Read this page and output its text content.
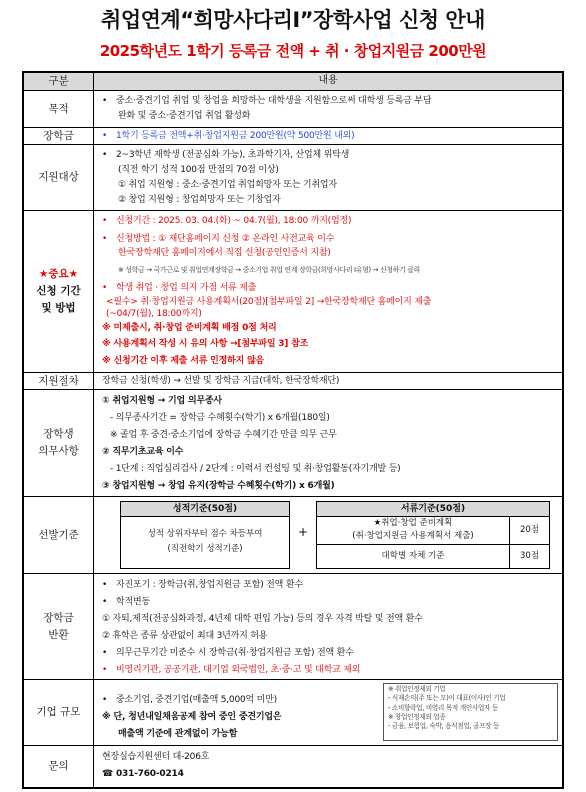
취업연계“희망사다리Ⅰ”장학사업 신청 안내
2025학년도 1학기 등록금 전액 + 취 · 창업지원금 200만원
구분	내용
목적
• 중소·중견기업 취업 및 창업을 희망하는 대학생을 지원함으로써 대학생 등록금 부담
완화 및 중소·중견기업 취업 활성화
장학금
•	1학기 등록금 전액+취·창업지원금 200만원(약 500만원 내외)
지원대상
• 2~3학년 재학생 (전공심화 가능), 초과학기자, 산업체 위탁생
(직전 학기 성적 100점 만점의 70점 이상)
① 취업 지원형 : 중소·중견기업 취업희망자 또는 기취업자
② 창업 지원형 : 창업희망자 또는 기창업자
★중요★
신청 기간
및 방법
• 신청기간 : 2025. 03. 04.(화) ~ 04.7(월), 18:00 까지(엄정)
• 신청방법 : ① 재단홈페이지 신청 ② 온라인 사전교육 이수
한국장학재단 홈페이지에서 직접 신청(공인인증서 지참)
※ 성학금 → 국가근로 및 취업연계장학금 → 중소기업 취업 연계 장학금(희망사다리 I유형) → 신청하기 클릭
• 학생 취업 · 창업 의지 가점 서류 제출
<필수> 취·창업지원금 사용계획서(20점)[첨부파일 2] →한국장학재단 홈페이지 제출
(~04/7(월), 18:00까지)
※ 미제출시, 취·창업 준비계획 배점 0점 처리
※ 사용계획서 작성 시 유의 사항 →[첨부파일 3] 참조
※ 신청기간 이후 제출 서류 인정하지 않음
지원절차	장학금 신청(학생) → 선발 및 장학금 지급(대학, 한국장학재단)
장학생
의무사항
① 취업지원형 → 기업 의무종사
- 의무종사기간 = 장학금 수혜횟수(학기) x 6개월(180일)
※ 졸업 후 중견·중소기업에 장학금 수혜기간 만큼 의무 근무
② 직무기초교육 이수
- 1단계 : 직업심리검사 / 2단계 : 이력서 컨설팅 및 취·창업활동(자기개발 등)
③ 창업지원형 → 창업 유지(장학금 수혜횟수(학기) x 6개월)
선발기준
성적기준(50점)
성적 상위자부터 점수 차등부여
(직전학기 성적기준)
+
서류기준(50점)
★취업·창업 준비계획
(취·창업지원금 사용계획서 제출)
20점
대학별 자체 기준	30점
장학금
반환
• 자진포기 : 장학금(취,창업지원금 포함) 전액 환수
• 학적변동
① 자퇴,제적(전공심화과정, 4년제 대학 편입 가능) 등의 경우 자격 박탈 및 전액 환수
② 휴학은 종류 상관없이 최대 3년까지 허용
• 의무근무기간 미준수 시 장학금(취·창업지원금 포함) 전액 환수
• 비영리기관, 공공기관, 대기업 외국법인, 초·중·고 및 대학교 제외
기업 규모
• 중소기업, 중견기업(매출액 5,000억 미만)
※ 단, 청년내일채움공제 참여 중인 중견기업은
매출액 기준에 관계없이 가능함
※ 취업인정제외 기업
- 식재손익(주 또는 모)이 대표(이사)인 기업
- 소비향락업, 비영리 목적 개인사업자 등
※ 창업인정제외 업종
- 금융, 보험업, 숙박, 음식점업, 골프장 등
문의
현장실습지원센터 대-206호
☎ 031-760-0214
